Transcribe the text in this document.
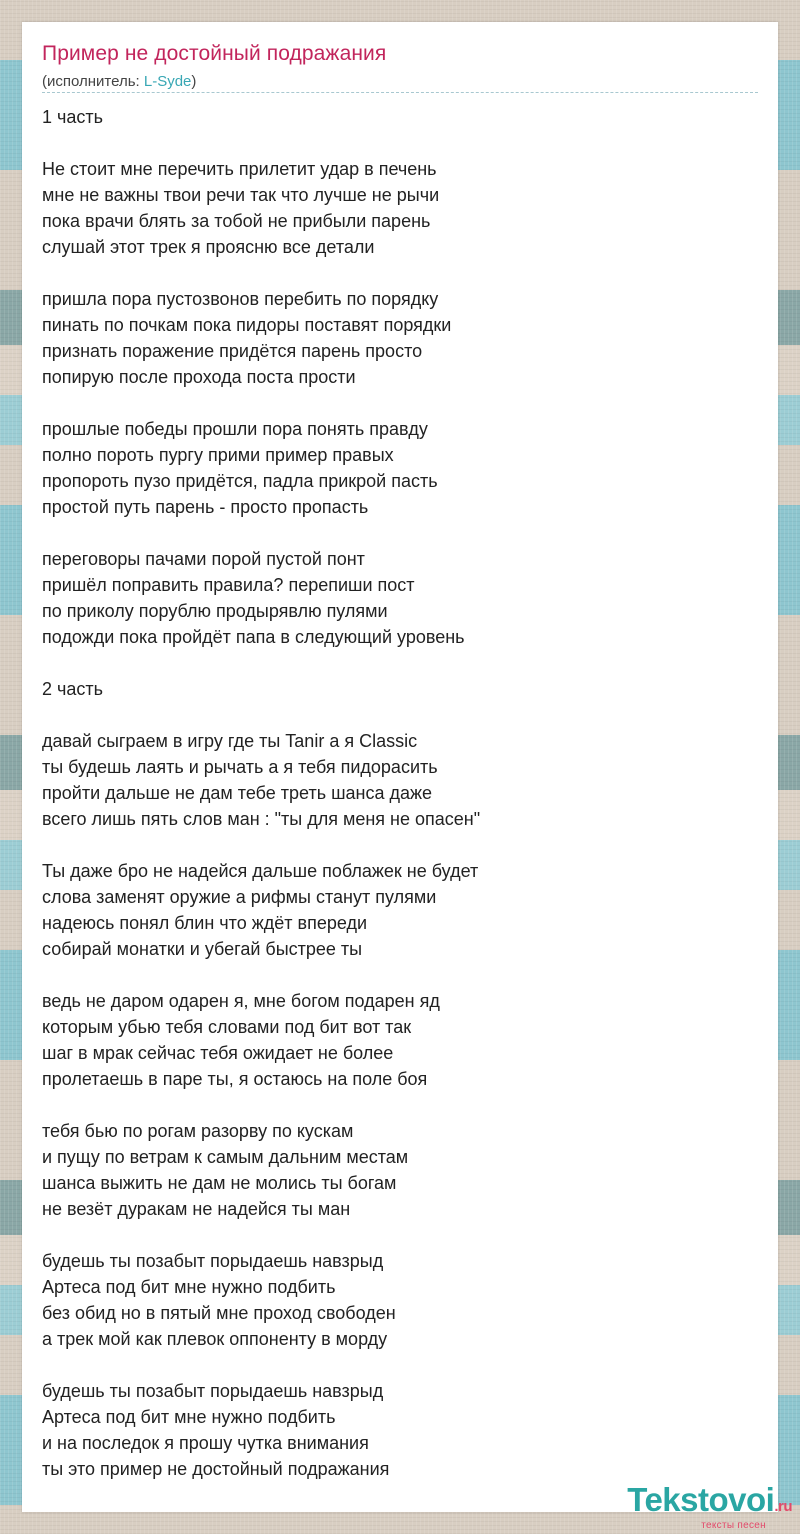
Пример не достойный подражания
(исполнитель: L-Syde)
1 часть
Не стоит мне перечить прилетит удар в печень
мне не важны твои речи так что лучше не рычи
пока врачи блять за тобой не прибыли парень
слушай этот трек я проясню все детали
пришла пора пустозвонов перебить по порядку
пинать по почкам пока пидоры поставят порядки
признать поражение придётся парень просто
попирую после прохода поста прости
прошлые победы прошли пора понять правду
полно пороть пургу прими пример правых
пропороть пузо придётся, падла прикрой пасть
простой путь парень - просто пропасть
переговоры пачами порой пустой понт
пришёл поправить правила? перепиши пост
по приколу порублю продырявлю пулями
подожди пока пройдёт папа в следующий уровень
2 часть
давай сыграем в игру где ты Tanir а я Classic
ты будешь лаять и рычать а я тебя пидорасить
пройти дальше не дам тебе треть шанса даже
всего лишь пять слов ман : "ты для меня не опасен"
Ты даже бро не надейся дальше поблажек не будет
слова заменят оружие а рифмы станут пулями
надеюсь понял блин что ждёт впереди
собирай монатки и убегай быстрее ты
ведь не даром одарен я, мне богом подарен яд
которым убью тебя словами под бит вот так
шаг в мрак сейчас тебя ожидает не более
пролетаешь в паре ты, я остаюсь на поле боя
тебя бью по рогам разорву по кускам
и пущу по ветрам к самым дальним местам
шанса выжить не дам не молись ты богам
не везёт дуракам не надейся ты ман
будешь ты позабыт порыдаешь навзрыд
Артеса под бит мне нужно подбить
без обид но в пятый мне проход свободен
а трек мой как плевок оппоненту в морду
будешь ты позабыт порыдаешь навзрыд
Артеса под бит мне нужно подбить
и на последок я прошу чутка внимания
ты это пример не достойный подражания
Tekstovoi.ru
тексты песен
